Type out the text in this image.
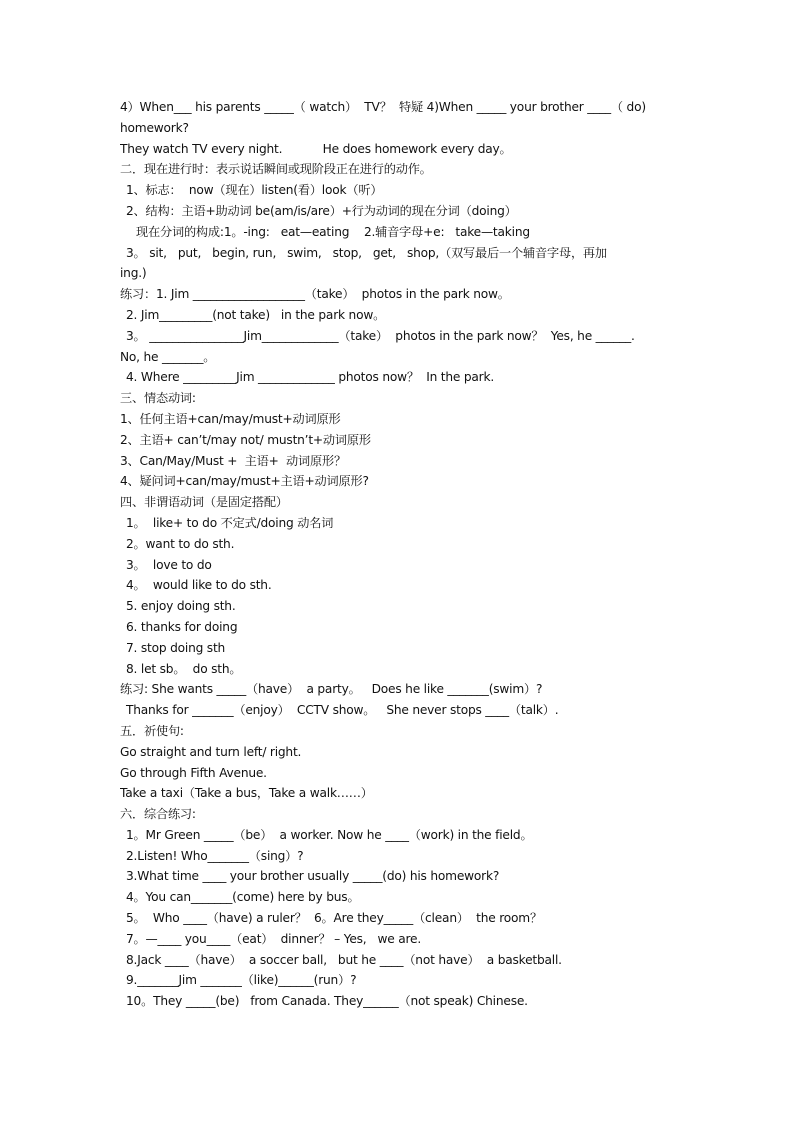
4）When___ his parents _____（ watch）  TV？  特疑 4)When _____ your brother ____（ do)
homework?
They watch TV every night.           He does homework every day。
二．现在进行时：表示说话瞬间或现阶段正在进行的动作。
1、标志：  now（现在）listen(看）look（听）
2、结构：主语+助动词 be(am/is/are）+行为动词的现在分词（doing）
现在分词的构成:1。-ing:   eat—eating    2.辅音字母+e:   take—taking
3。 sit,   put,   begin, run,   swim,   stop,   get,   shop,（双写最后一个辅音字母，再加
ing.)
练习：1. Jim ___________________（take）  photos in the park now。
2. Jim_________(not take)   in the park now。
3。 ________________Jim_____________（take）  photos in the park now？  Yes, he ______.
No, he _______。
4. Where _________Jim _____________ photos now？  In the park.
三、情态动词:
1、任何主语+can/may/must+动词原形
2、主语+ can’t/may not/ mustn’t+动词原形
3、Can/May/Must +  主语+  动词原形？
4、疑问词+can/may/must+主语+动词原形?
四、非谓语动词（是固定搭配）
1。  like+ to do 不定式/doing 动名词
2。want to do sth.
3。  love to do
4。  would like to do sth.
5. enjoy doing sth.
6. thanks for doing
7. stop doing sth
8. let sb。  do sth。
练习: She wants _____（have）  a party。   Does he like _______(swim）?
Thanks for _______（enjoy）  CCTV show。   She never stops ____（talk）.
五．祈使句:
Go straight and turn left/ right.
Go through Fifth Avenue.
Take a taxi（Take a bus，Take a walk……）
六．综合练习:
1。Mr Green _____（be）  a worker. Now he ____（work) in the field。
2.Listen! Who_______（sing）?
3.What time ____ your brother usually _____(do) his homework?
4。You can_______(come) here by bus。
5。  Who ____（have) a ruler？  6。Are they_____（clean）  the room？
7。—____ you____（eat）  dinner？ – Yes,   we are.
8.Jack ____（have）  a soccer ball,   but he ____（not have）  a basketball.
9._______Jim _______（like)______(run）?
10。They _____(be)   from Canada. They______（not speak) Chinese.
